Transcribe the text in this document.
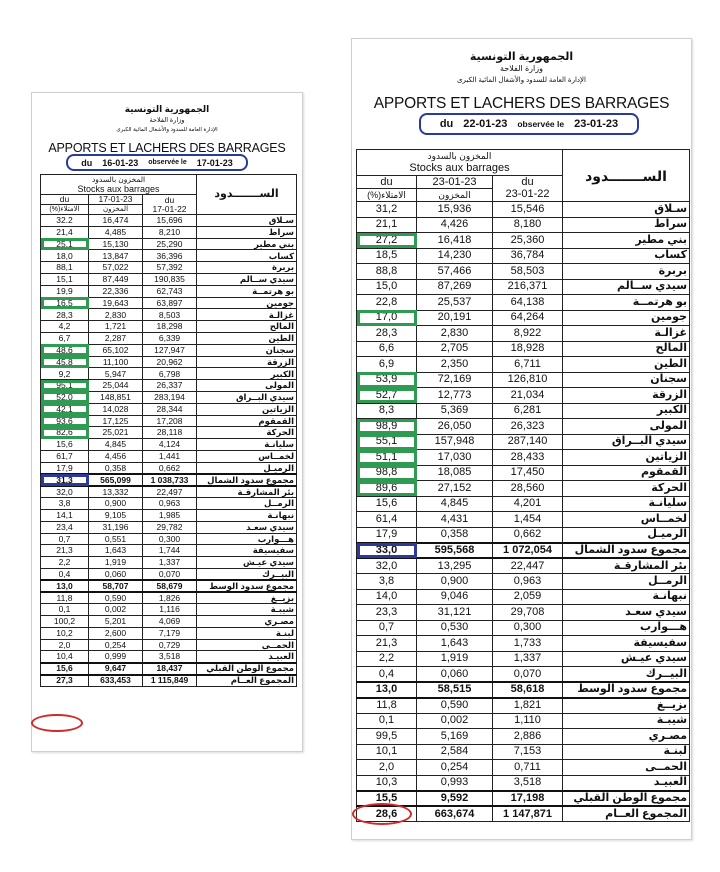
الجمهورية التونسية
وزارة الفلاحة
الإدارة العامة للسدود والأشغال المائية الكبرى
APPORTS ET LACHERS DES BARRAGES
du 16-01-23 observée le 17-01-23
المخزون بالسدود			الســـــــدود
Stocks aux barrages			
du	17-01-23	du	
(%)الامتلاء	المخزون	17-01-22	
32.2	16,474	15,696	سـلاق
21,4	4,485	8,210	سراط
25.1	15,130	25,290	بني مطير
18,0	13,847	36,396	كساب
88,1	57,022	57,392	بربرة
15,1	87,449	190,835	سيدي ســالم
19,9	22,336	62,743	بو هرتمــة
16,5	19,643	63,897	جومين
28,3	2,830	8,503	غزالـة
4,2	1,721	18,298	المالح
6,7	2,287	6,339	الطين
48,6	65,102	127,947	سجنان
45,8	11,100	20,962	الزرقة
9,2	5,947	6,798	الكبير
95,1	25,044	26,337	المولى
52,0	148,851	283,194	سيدي البــراق
42,1	14,028	28,344	الزياتين
93,6	17,125	17,208	القمقوم
82,6	25,021	28,118	الحركة
15,6	4,845	4,124	سليانـة
61,7	4,456	1,441	لخمــاس
17,9	0,358	0,662	الرميـل
31,3	565,099	1 038,733	مجموع سدود الشمال
32,0	13,332	22,497	بئر المشارقـة
3,8	0,900	0,963	الرمــل
14,1	9,105	1,985	نبهانـة
23,4	31,196	29,782	سيدي سعـد
0,7	0,551	0,300	هـــوارب
21,3	1,643	1,744	سفيسيفة
2,2	1,919	1,337	سيدي عيـش
0,4	0,060	0,070	البيــرك
13,0	58,707	58,679	مجموع سدود الوسط
11,8	0,590	1,826	بزيــغ
0,1	0,002	1,116	شيبـة
100,2	5,201	4,069	مصـري
10,2	2,600	7,179	لبنـة
2,0	0,254	0,729	الحمــى
10,4	0,999	3,518	العبيـد
15,6	9,647	18,437	مجموع الوطن القبلي
27,3	633,453	1 115,849	المجموع العــام
الجمهورية التونسية
وزارة الفلاحة
الإدارة العامة للسدود والأشغال المائية الكبرى
APPORTS ET LACHERS DES BARRAGES
du 22-01-23 observée le 23-01-23
المخزون بالسدود			الســـــــدود
Stocks aux barrages			
du	23-01-23	du	
(%)الامتلاء	المخزون	23-01-22	
31,2	15,936	15,546	سـلاق
21,1	4,426	8,180	سراط
27,2	16,418	25,360	بني مطير
18,5	14,230	36,784	كساب
88,8	57,466	58,503	بربرة
15,0	87,269	216,371	سيدي ســالم
22,8	25,537	64,138	بو هرتمــة
17,0	20,191	64,264	جومين
28,3	2,830	8,922	غزالـة
6,6	2,705	18,928	المالح
6,9	2,350	6,711	الطين
53,9	72,169	126,810	سجنان
52,7	12,773	21,034	الزرقة
8,3	5,369	6,281	الكبير
98,9	26,050	26,323	المولى
55,1	157,948	287,140	سيدي البــراق
51,1	17,030	28,433	الزياتين
98,8	18,085	17,450	القمقوم
89,6	27,152	28,560	الحركة
15,6	4,845	4,201	سليانـة
61,4	4,431	1,454	لخمــاس
17,9	0,358	0,662	الرميـل
33,0	595,568	1 072,054	مجموع سدود الشمال
32,0	13,295	22,447	بئر المشارقـة
3,8	0,900	0,963	الرمــل
14,0	9,046	2,059	نبهانـة
23,3	31,121	29,708	سيدي سعـد
0,7	0,530	0,300	هـــوارب
21,3	1,643	1,733	سفيسيفة
2,2	1,919	1,337	سيدي عيـش
0,4	0,060	0,070	البيــرك
13,0	58,515	58,618	مجموع سدود الوسط
11,8	0,590	1,821	بزيــغ
0,1	0,002	1,110	شيبـة
99,5	5,169	2,886	مصـري
10,1	2,584	7,153	لبنـة
2,0	0,254	0,711	الحمــى
10,3	0,993	3,518	العبيـد
15,5	9,592	17,198	مجموع الوطن القبلي
28,6	663,674	1 147,871	المجموع العــام
